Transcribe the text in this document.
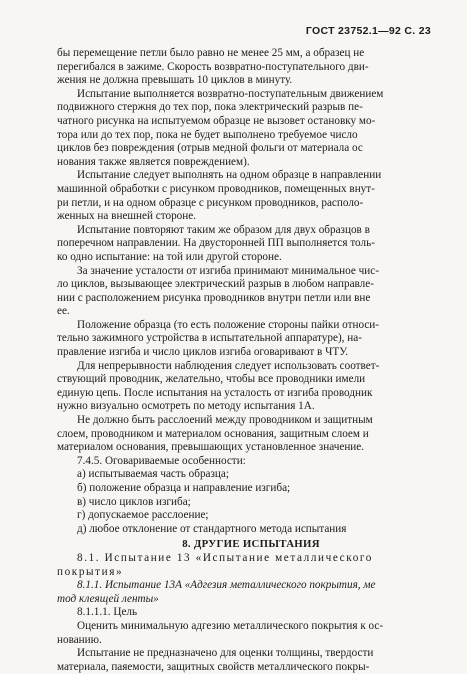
ГОСТ 23752.1—92 С. 23
бы перемещение петли было равно не менее 25 мм, а образец не
перегибался в зажиме. Скорость возвратно-поступательного дви-
жения не должна превышать 10 циклов в минуту.
Испытание выполняется возвратно-поступательным движением
подвижного стержня до тех пор, пока электрический разрыв пе-
чатного рисунка на испытуемом образце не вызовет остановку мо-
тора или до тех пор, пока не будет выполнено требуемое число
циклов без повреждения (отрыв медной фольги от материала ос
нования также является повреждением).
Испытание следует выполнять на одном образце в направлении
машинной обработки с рисунком проводников, помещенных внут-
ри петли, и на одном образце с рисунком проводников, располо-
женных на внешней стороне.
Испытание повторяют таким же образом для двух образцов в
поперечном направлении. На двусторонней ПП выполняется толь-
ко одно испытание: на той или другой стороне.
За значение усталости от изгиба принимают минимальное чис-
ло циклов, вызывающее электрический разрыв в любом направле-
нии с расположением рисунка проводников внутри петли или вне
ее.
Положение образца (то есть положение стороны пайки относи-
тельно зажимного устройства в испытательной аппаратуре), на-
правление изгиба и число циклов изгиба оговаривают в ЧТУ.
Для непрерывности наблюдения следует использовать соответ-
ствующий проводник, желательно, чтобы все проводники имели
единую цепь. После испытания на усталость от изгиба проводник
нужно визуально осмотреть по методу испытания 1А.
Не должно быть расслоений между проводником и защитным
слоем, проводником и материалом основания, защитным слоем и
материалом основания, превышающих установленное значение.
7.4.5. Оговариваемые особенности:
а) испытываемая часть образца;
б) положение образца и направление изгиба;
в) число циклов изгиба;
г) допускаемое расслоение;
д) любое отклонение от стандартного метода испытания
8. ДРУГИЕ ИСПЫТАНИЯ
8.1. Испытание 13 «Испытание металлического
покрытия»
8.1.1. Испытание 13А «Адгезия металлического покрытия, ме
тод клеящей ленты»
8.1.1.1. Цель
Оценить минимальную адгезию металлического покрытия к ос-
нованию.
Испытание не предназначено для оценки толщины, твердости
материала, паяемости, защитных свойств металлического покры-
